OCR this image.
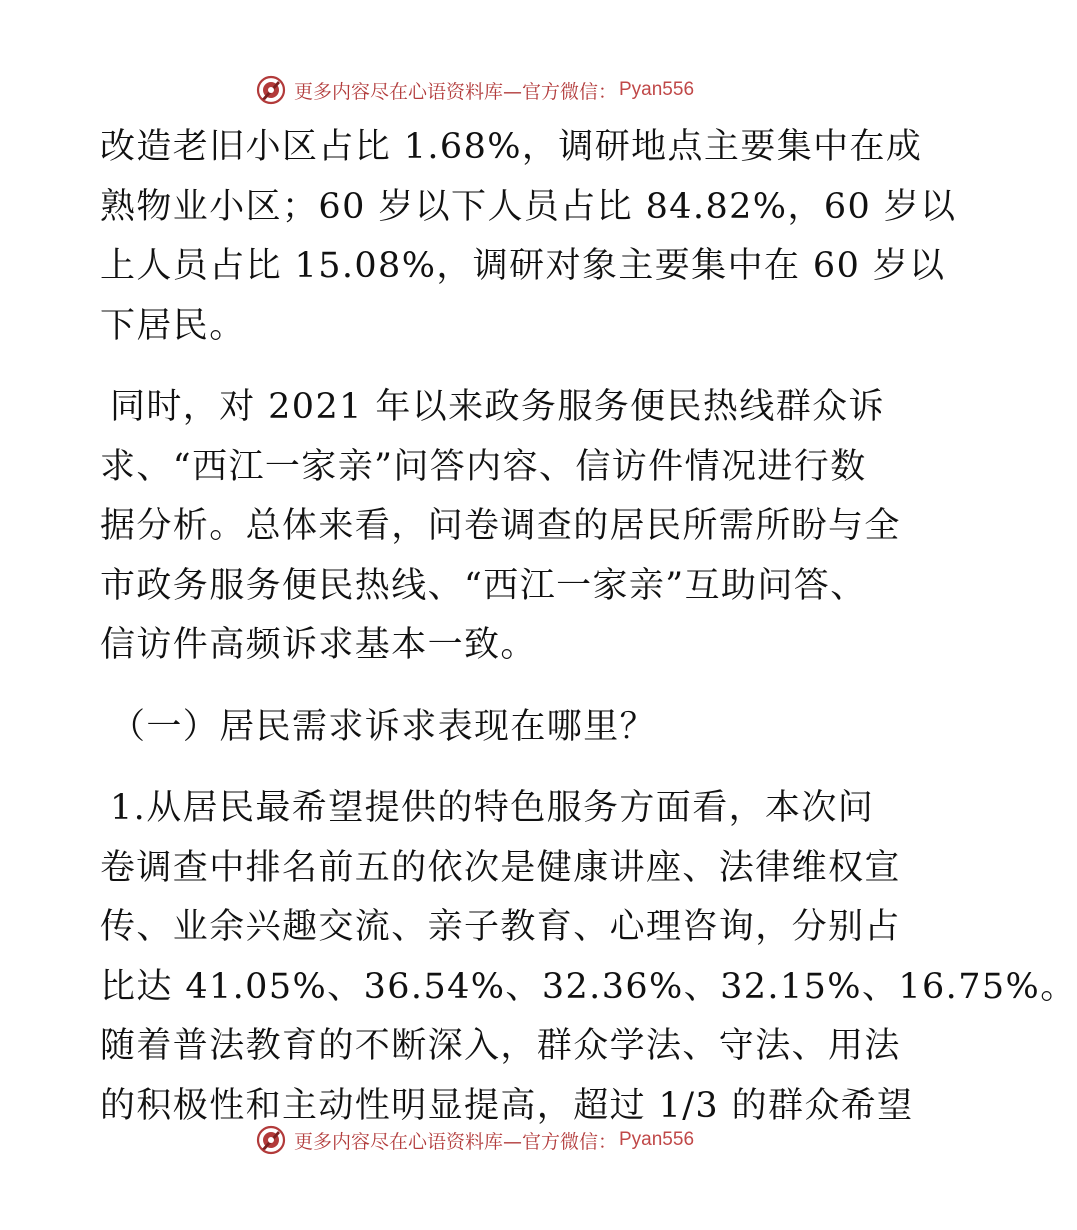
更多内容尽在心语资料库—官方微信： Pyan556
改造老旧小区占比 1.68%，调研地点主要集中在成
熟物业小区；60 岁以下人员占比 84.82%，60 岁以
上人员占比 15.08%，调研对象主要集中在 60 岁以
下居民。
同时，对 2021 年以来政务服务便民热线群众诉
求、“西江一家亲”问答内容、信访件情况进行数
据分析。总体来看，问卷调查的居民所需所盼与全
市政务服务便民热线、“西江一家亲”互助问答、
信访件高频诉求基本一致。
（一）居民需求诉求表现在哪里？
1.从居民最希望提供的特色服务方面看，本次问
卷调查中排名前五的依次是健康讲座、法律维权宣
传、业余兴趣交流、亲子教育、心理咨询，分别占
比达 41.05%、36.54%、32.36%、32.15%、16.75%。
随着普法教育的不断深入，群众学法、守法、用法
的积极性和主动性明显提高，超过 1/3 的群众希望
更多内容尽在心语资料库—官方微信： Pyan556
